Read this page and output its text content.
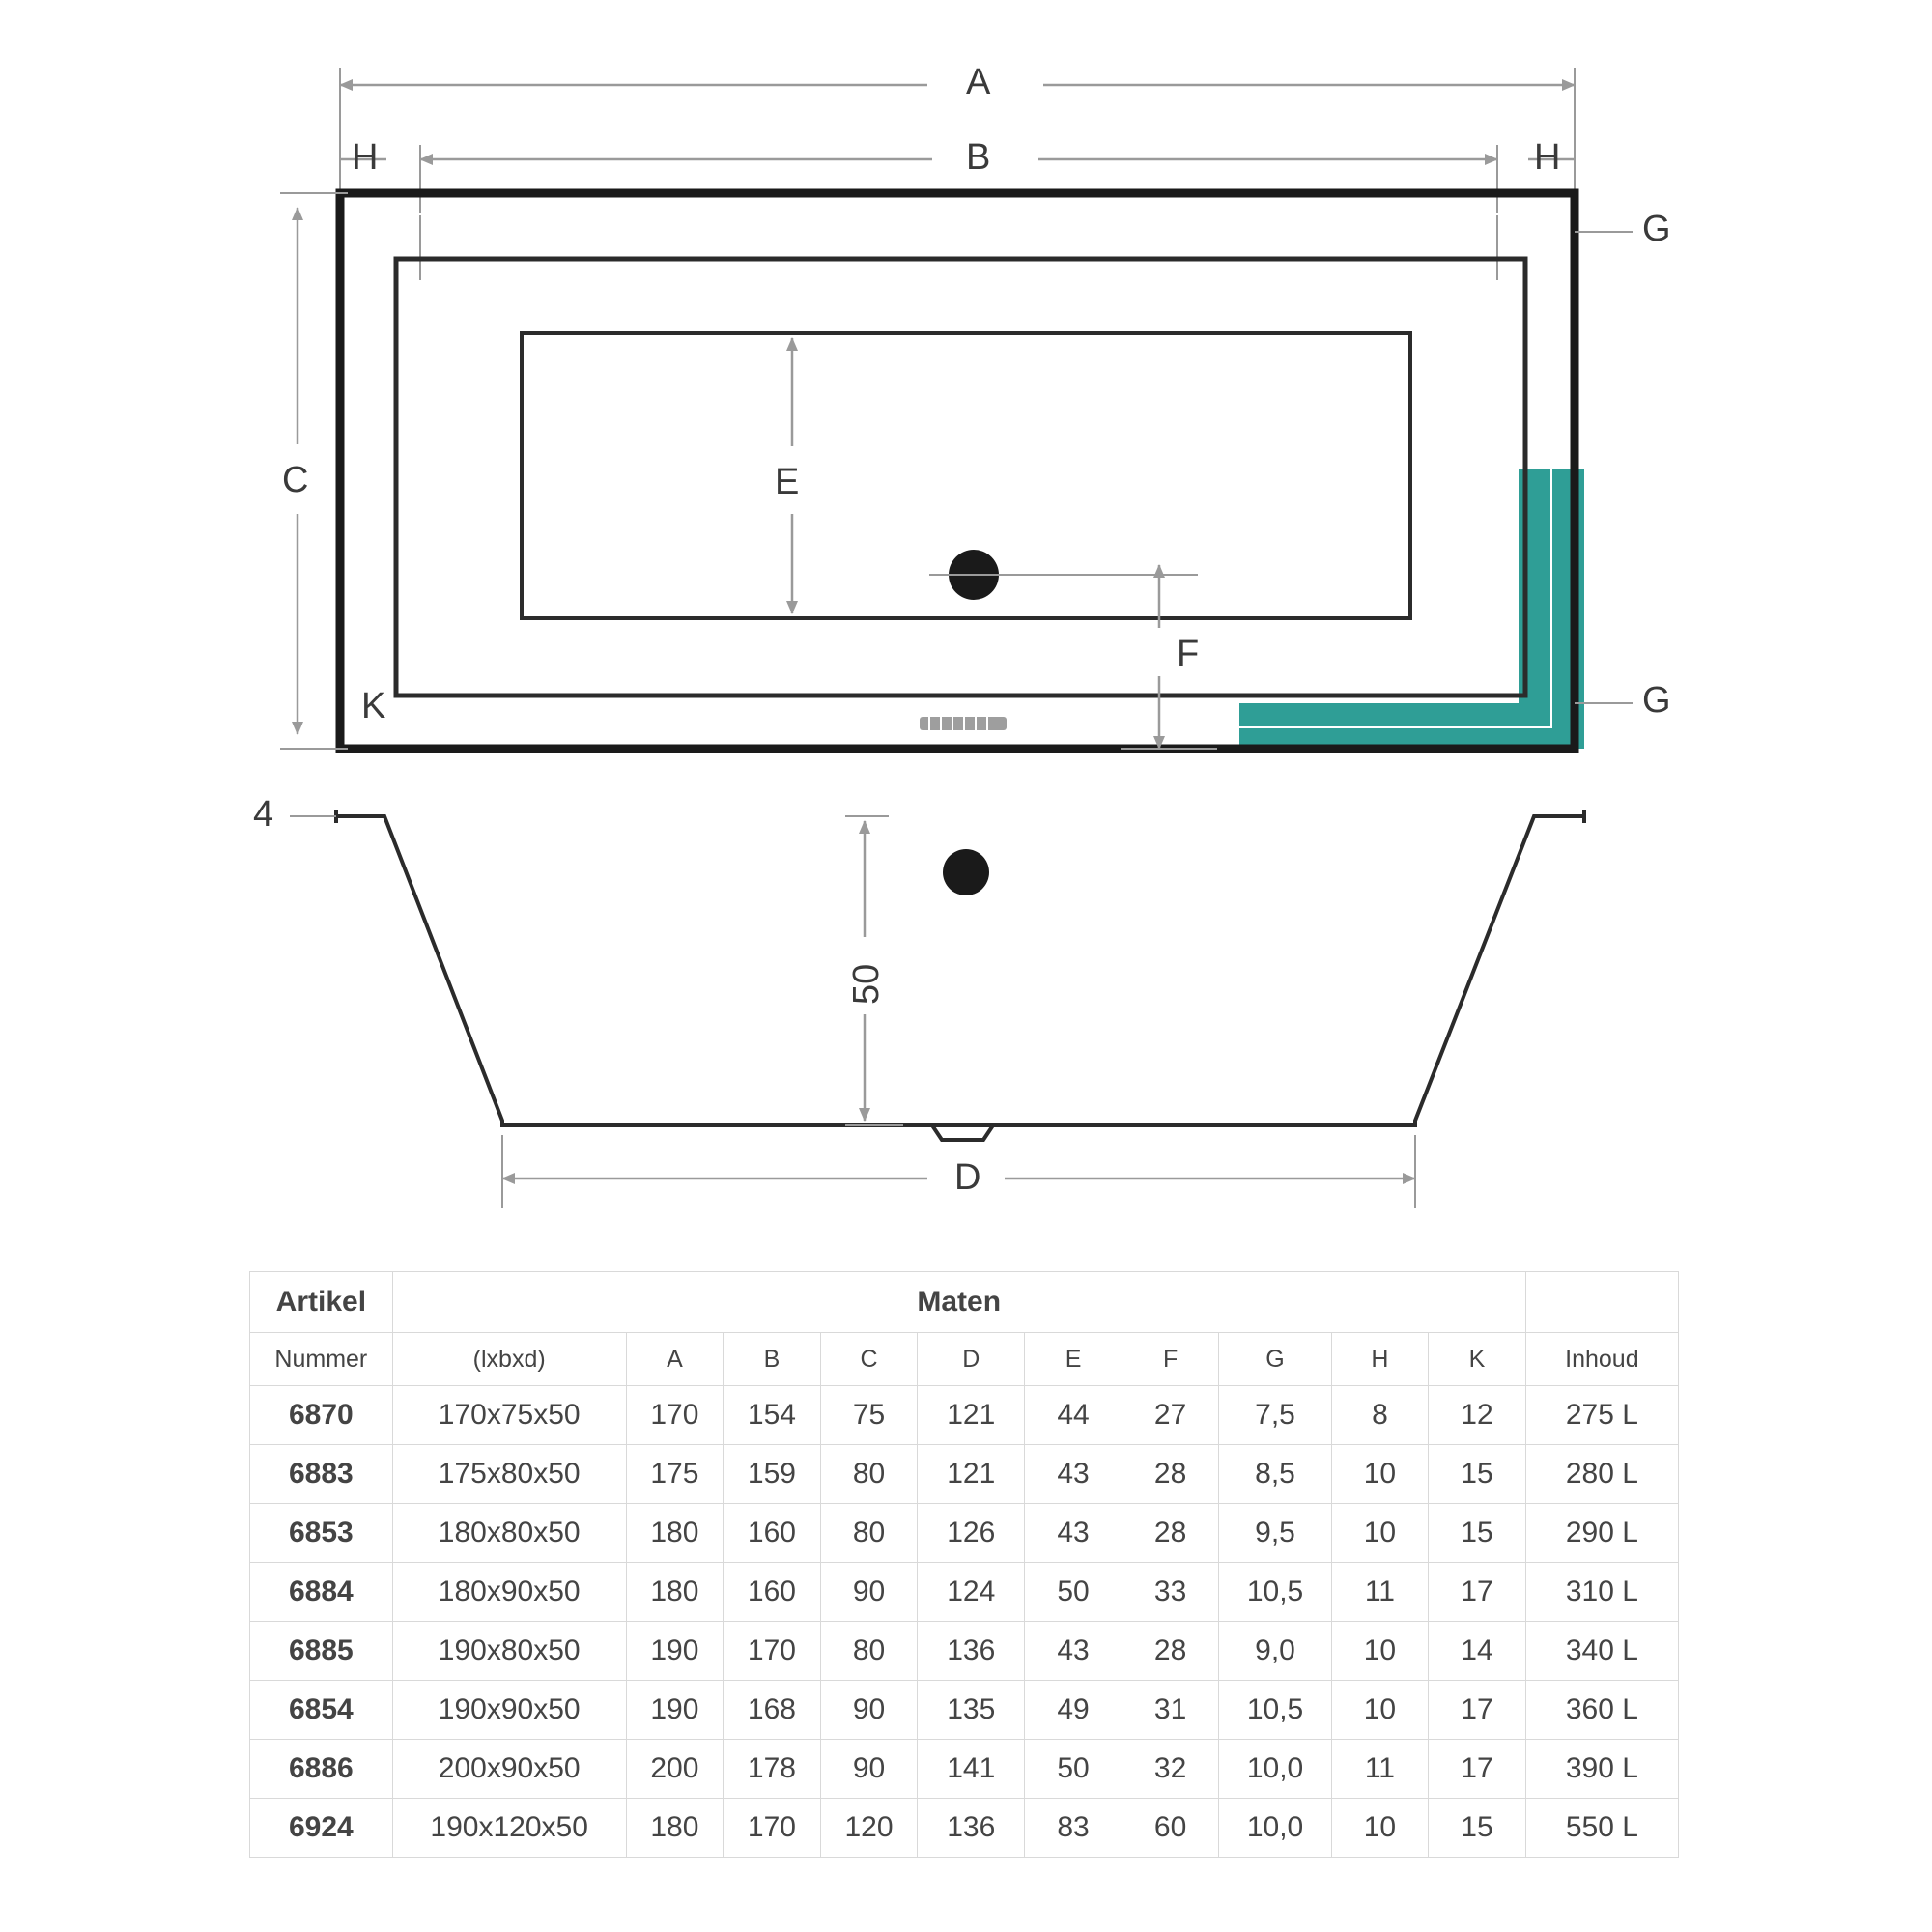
A
B
H	H
C	E
F
G
G
K
4
50
D
Artikel	Maten										
Nummer	(lxbxd)	A	B	C	D	E	F	G	H	K	Inhoud
6870	170x75x50	170	154	75	121	44	27	7,5	8	12	275 L
6883	175x80x50	175	159	80	121	43	28	8,5	10	15	280 L
6853	180x80x50	180	160	80	126	43	28	9,5	10	15	290 L
6884	180x90x50	180	160	90	124	50	33	10,5	11	17	310 L
6885	190x80x50	190	170	80	136	43	28	9,0	10	14	340 L
6854	190x90x50	190	168	90	135	49	31	10,5	10	17	360 L
6886	200x90x50	200	178	90	141	50	32	10,0	11	17	390 L
6924	190x120x50	180	170	120	136	83	60	10,0	10	15	550 L
